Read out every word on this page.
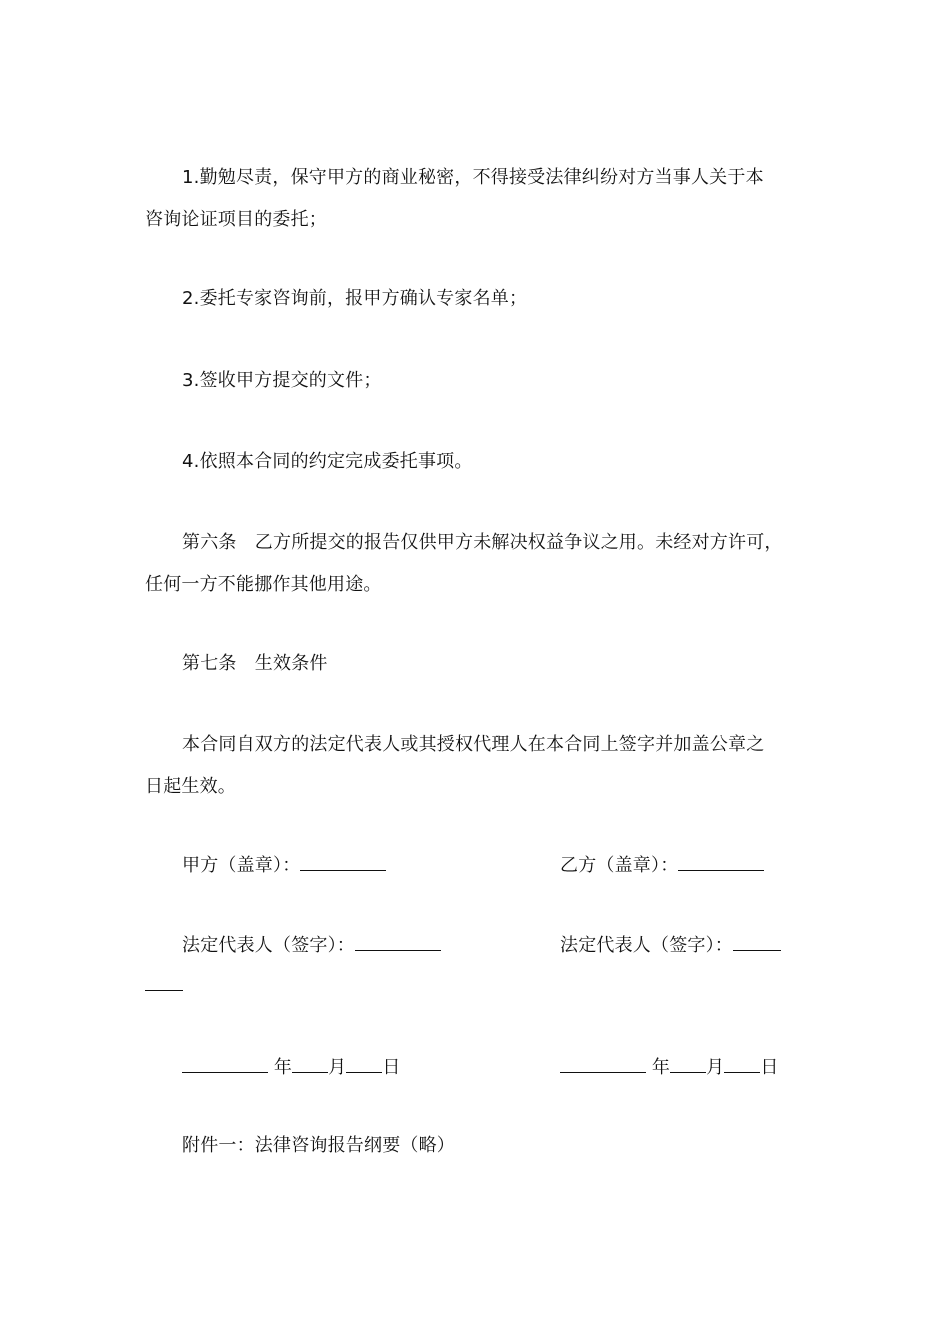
1.勤勉尽责，保守甲方的商业秘密，不得接受法律纠纷对方当事人关于本
咨询论证项目的委托；
2.委托专家咨询前，报甲方确认专家名单；
3.签收甲方提交的文件；
4.依照本合同的约定完成委托事项。
第六条　乙方所提交的报告仅供甲方未解决权益争议之用。未经对方许可，
任何一方不能挪作其他用途。
第七条　生效条件
本合同自双方的法定代表人或其授权代理人在本合同上签字并加盖公章之
日起生效。
甲方（盖章）：	乙方（盖章）：
法定代表人（签字）：	法定代表人（签字）：
年 月 日	年 月 日
附件一：法律咨询报告纲要（略）
